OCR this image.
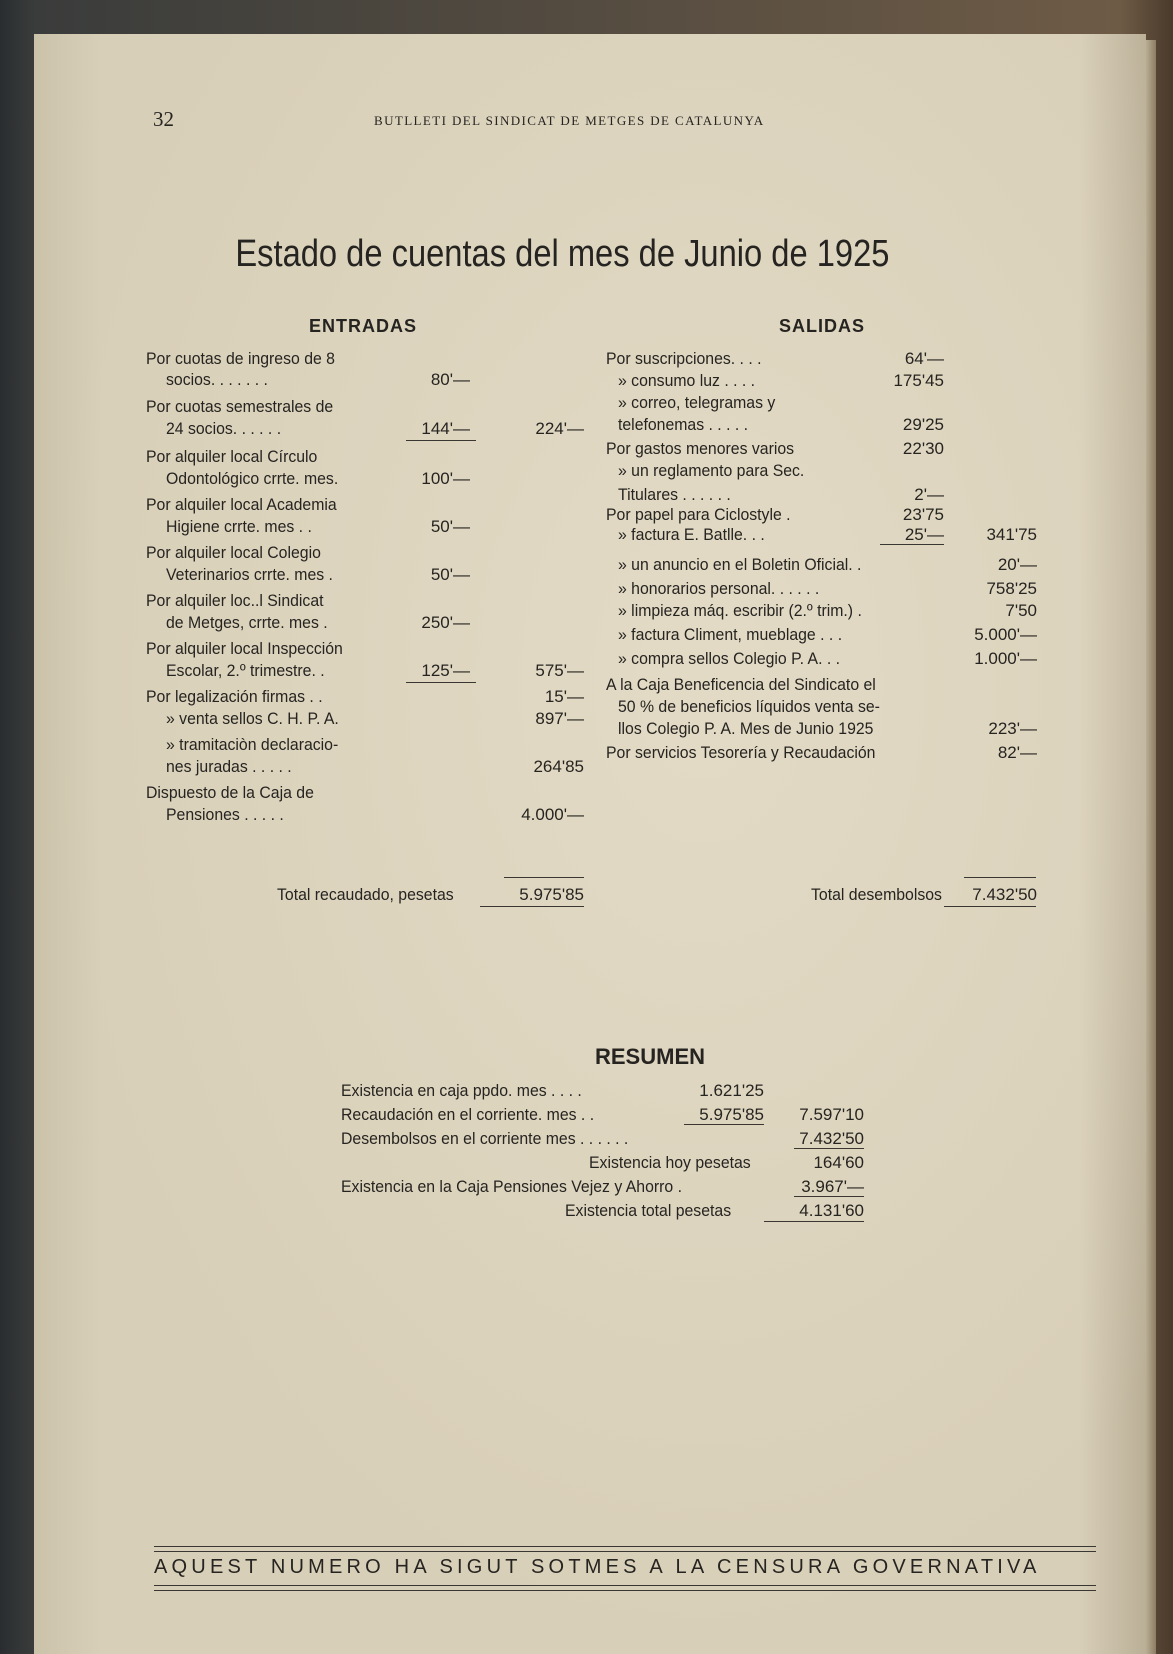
32	BUTLLETI DEL SINDICAT DE METGES DE CATALUNYA
Estado de cuentas del mes de Junio de 1925
ENTRADAS	SALIDAS
Por cuotas de ingreso de 8
socios. . . . . . .	80'—
Por cuotas semestrales de
24 socios. . . . . .	144'—	224'—
Por alquiler local Círculo
Odontológico crrte. mes.	100'—
Por alquiler local Academia
Higiene crrte. mes . .	50'—
Por alquiler local Colegio
Veterinarios crrte. mes .	50'—
Por alquiler loc..l Sindicat
de Metges, crrte. mes .	250'—
Por alquiler local Inspección
Escolar, 2.º trimestre. .	125'—	575'—
Por legalización firmas . .	15'—
» venta sellos C. H. P. A.	897'—
» tramitaciòn declaracio-
nes juradas . . . . .	264'85
Dispuesto de la Caja de
Pensiones . . . . .	4.000'—
Por suscripciones. . . .	64'—
» consumo luz . . . .	175'45
» correo, telegramas y
telefonemas . . . . .	29'25
Por gastos menores varios	22'30
» un reglamento para Sec.
Titulares . . . . . .	2'—
Por papel para Ciclostyle .	23'75
» factura E. Batlle. . .	25'—	341'75
» un anuncio en el Boletin Oficial. .	20'—
» honorarios personal. . . . . .	758'25
» limpieza máq. escribir (2.º trim.) .	7'50
» factura Climent, mueblage . . .	5.000'—
» compra sellos Colegio P. A. . .	1.000'—
A la Caja Beneficencia del Sindicato el
50 % de beneficios líquidos venta se-
llos Colegio P. A. Mes de Junio 1925	223'—
Por servicios Tesorería y Recaudación	82'—
Total recaudado, pesetas	5.975'85	Total desembolsos	7.432'50
RESUMEN
Existencia en caja ppdo. mes . . . .	1.621'25
Recaudación en el corriente. mes . .	5.975'85	7.597'10
Desembolsos en el corriente mes . . . . . .	7.432'50
Existencia hoy pesetas	164'60
Existencia en la Caja Pensiones Vejez y Ahorro .	3.967'—
Existencia total pesetas	4.131'60
AQUEST NUMERO HA SIGUT SOTMES A LA CENSURA GOVERNATIVA
